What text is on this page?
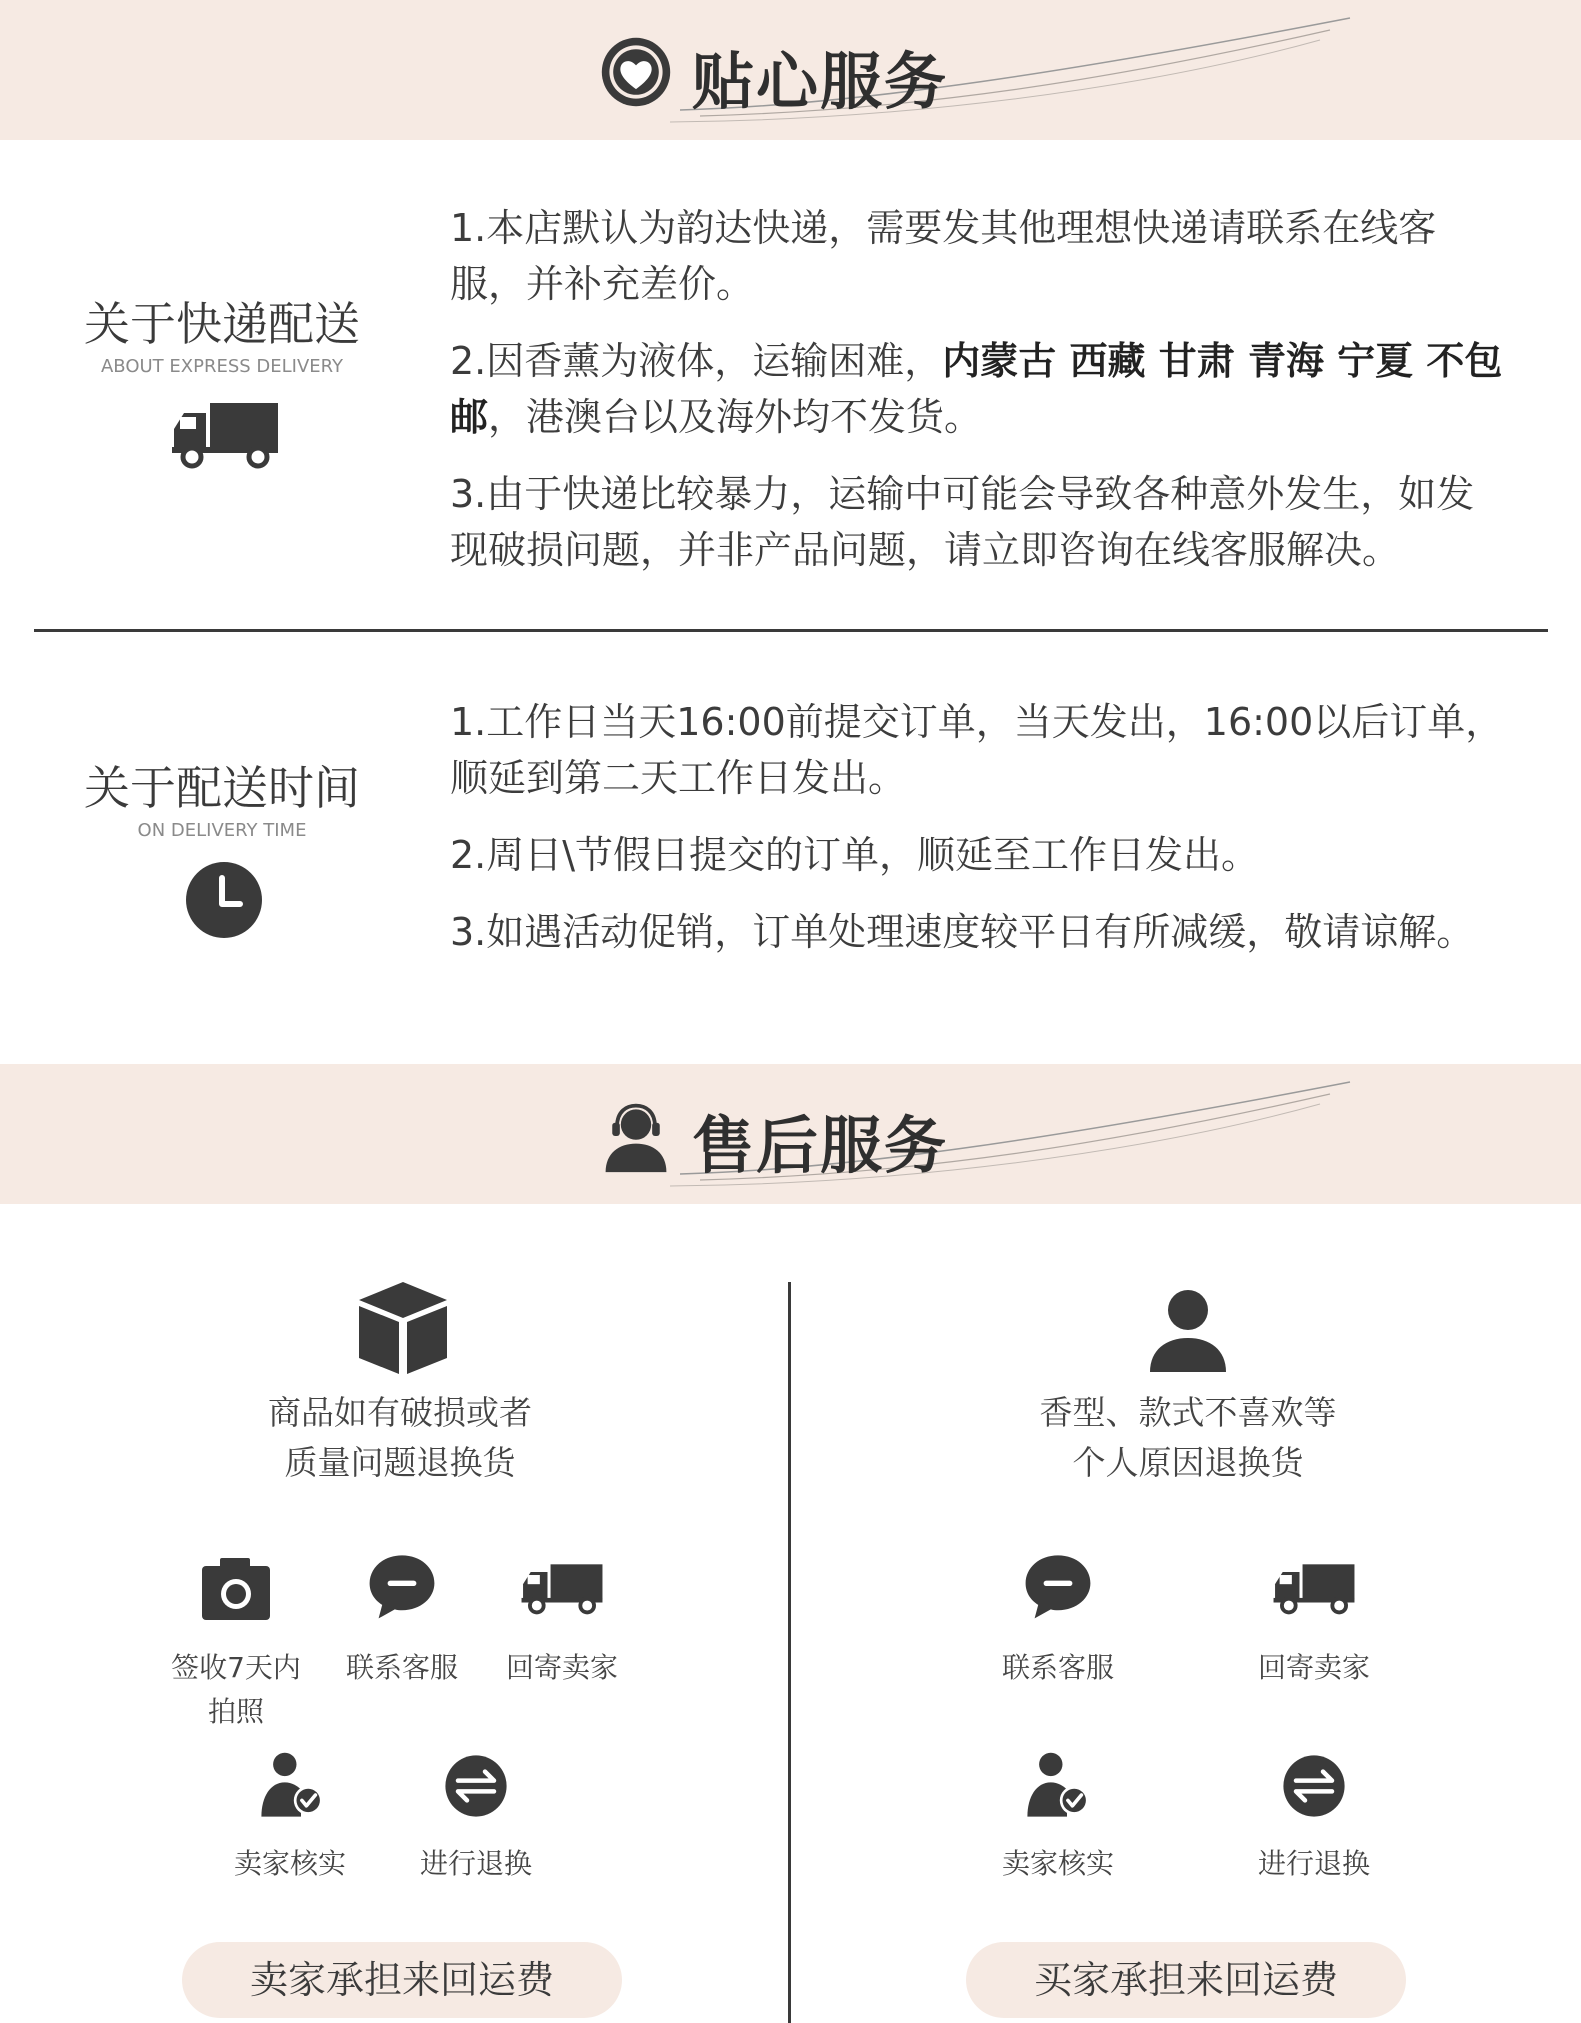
贴心服务
关于快递配送
ABOUT EXPRESS DELIVERY
1.本店默认为韵达快递，需要发其他理想快递请联系在线客服，并补充差价。
2.因香薰为液体，运输困难，内蒙古 西藏 甘肃 青海 宁夏 不包邮，港澳台以及海外均不发货。
3.由于快递比较暴力，运输中可能会导致各种意外发生，如发现破损问题，并非产品问题，请立即咨询在线客服解决。
关于配送时间
ON DELIVERY TIME
1.工作日当天16:00前提交订单，当天发出，16:00以后订单，顺延到第二天工作日发出。
2.周日\节假日提交的订单，顺延至工作日发出。
3.如遇活动促销，订单处理速度较平日有所减缓，敬请谅解。
售后服务
商品如有破损或者
质量问题退换货
签收7天内
拍照
联系客服	回寄卖家
卖家核实	进行退换
卖家承担来回运费
香型、款式不喜欢等
个人原因退换货
联系客服	回寄卖家
卖家核实	进行退换
买家承担来回运费
